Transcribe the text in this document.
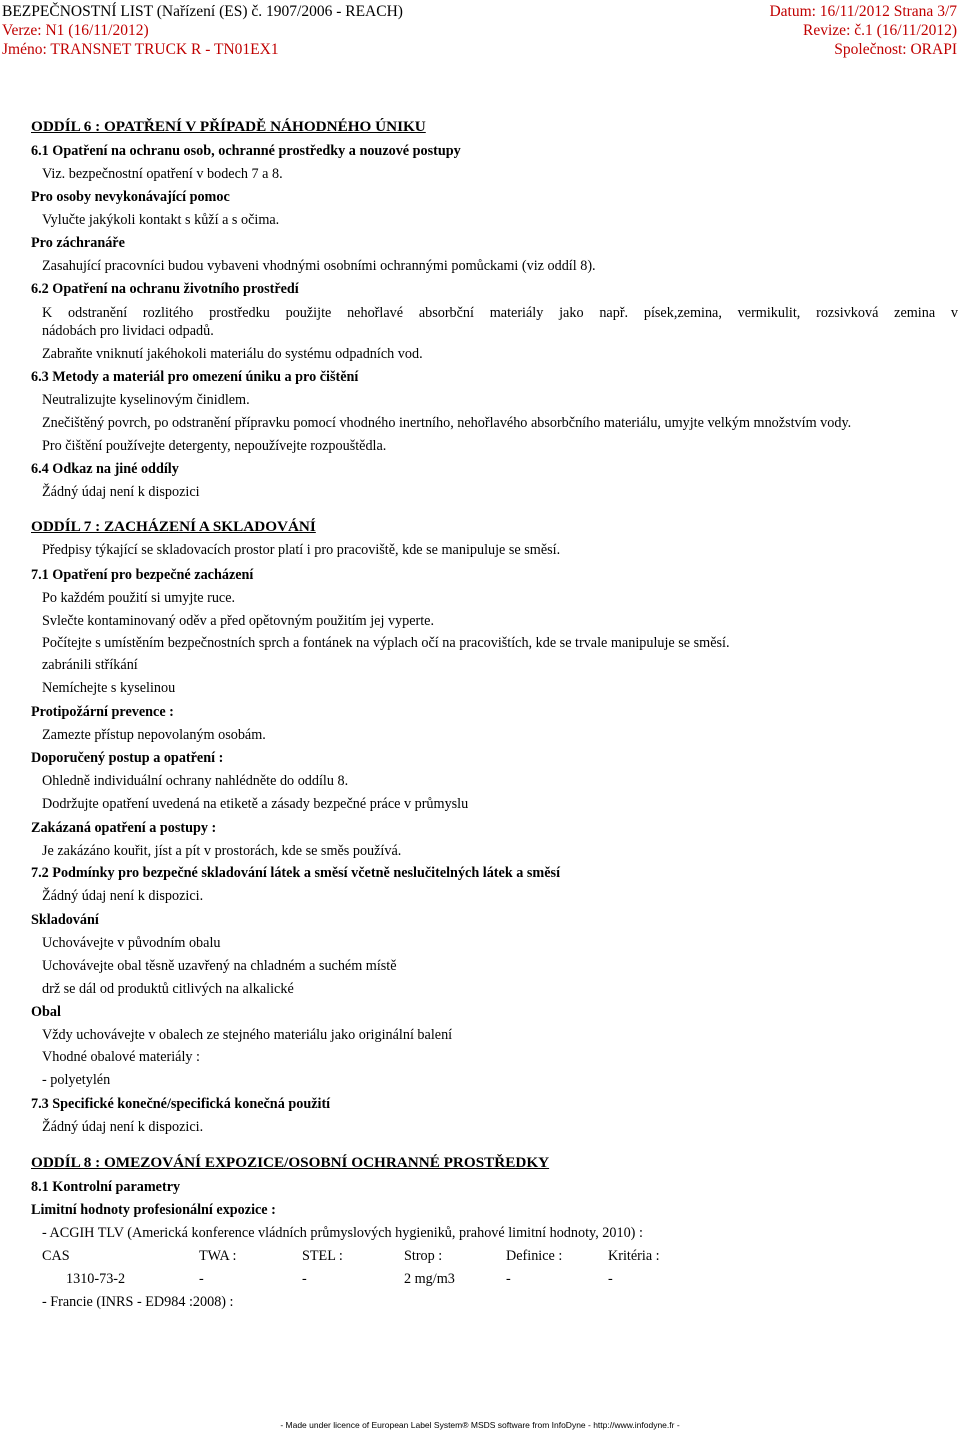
BEZPEČNOSTNÍ LIST (Nařízení (ES) č. 1907/2006 - REACH)	Datum: 16/11/2012 Strana 3/7
Verze: N1 (16/11/2012)	Revize: č.1 (16/11/2012)
Jméno: TRANSNET TRUCK R - TN01EX1	Společnost: ORAPI
ODDÍL 6 : OPATŘENÍ V PŘÍPADĚ NÁHODNÉHO ÚNIKU
6.1 Opatření na ochranu osob, ochranné prostředky a nouzové postupy
Viz. bezpečnostní opatření v bodech 7 a 8.
Pro osoby nevykonávající pomoc
Vylučte jakýkoli kontakt s kůží a s očima.
Pro záchranáře
Zasahující pracovníci budou vybaveni vhodnými osobními ochrannými pomůckami (viz oddíl 8).
6.2 Opatření na ochranu životního prostředí
K odstranění rozlitého prostředku použijte nehořlavé absorbční materiály jako např. písek,zemina, vermikulit, rozsivková zemina v
nádobách pro lividaci odpadů.
Zabraňte vniknutí jakéhokoli materiálu do systému odpadních vod.
6.3 Metody a materiál pro omezení úniku a pro čištění
Neutralizujte kyselinovým činidlem.
Znečištěný povrch, po odstranění přípravku pomocí vhodného inertního, nehořlavého absorbčního materiálu, umyjte velkým množstvím vody.
Pro čištění používejte detergenty, nepoužívejte rozpouštědla.
6.4 Odkaz na jiné oddíly
Žádný údaj není k dispozici
ODDÍL 7 : ZACHÁZENÍ A SKLADOVÁNÍ
Předpisy týkající se skladovacích prostor platí i pro pracoviště, kde se manipuluje se směsí.
7.1 Opatření pro bezpečné zacházení
Po každém použití si umyjte ruce.
Svlečte kontaminovaný oděv a před opětovným použitím jej vyperte.
Počítejte s umístěním bezpečnostních sprch a fontánek na výplach očí na pracovištích, kde se trvale manipuluje se směsí.
zabránili stříkání
Nemíchejte s kyselinou
Protipožární prevence :
Zamezte přístup nepovolaným osobám.
Doporučený postup a opatření :
Ohledně individuální ochrany nahlédněte do oddílu 8.
Dodržujte opatření uvedená na etiketě a zásady bezpečné práce v průmyslu
Zakázaná opatření a postupy :
Je zakázáno kouřit, jíst a pít v prostorách, kde se směs používá.
7.2 Podmínky pro bezpečné skladování látek a směsí včetně neslučitelných látek a směsí
Žádný údaj není k dispozici.
Skladování
Uchovávejte v původním obalu
Uchovávejte obal těsně uzavřený na chladném a suchém místě
drž se dál od produktů citlivých na alkalické
Obal
Vždy uchovávejte v obalech ze stejného materiálu jako originální balení
Vhodné obalové materiály :
- polyetylén
7.3 Specifické konečné/specifická konečná použití
Žádný údaj není k dispozici.
ODDÍL 8 : OMEZOVÁNÍ EXPOZICE/OSOBNÍ OCHRANNÉ PROSTŘEDKY
8.1 Kontrolní parametry
Limitní hodnoty profesionální expozice :
- ACGIH TLV (Americká konference vládních průmyslových hygieniků, prahové limitní hodnoty, 2010) :
CAS	TWA :	STEL :	Strop :	Definice :	Kritéria :
1310-73-2	-	-	2 mg/m3	-	-
- Francie (INRS - ED984 :2008) :
- Made under licence of European Label System® MSDS software from InfoDyne - http://www.infodyne.fr -
